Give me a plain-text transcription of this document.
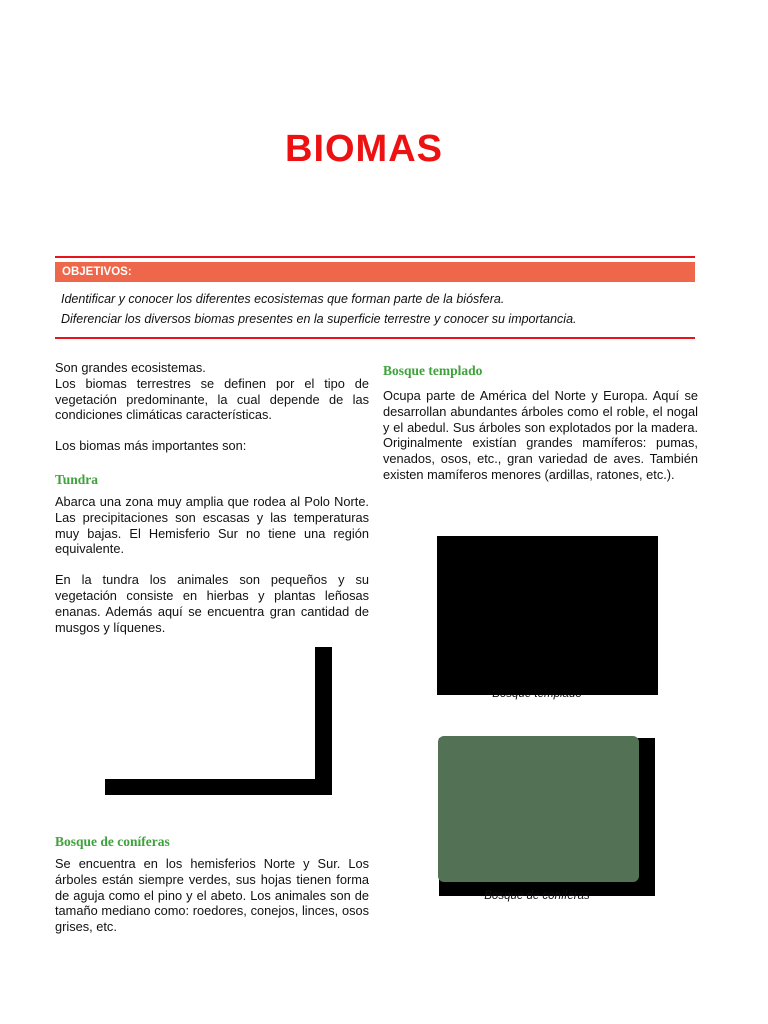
BIOMAS
OBJETIVOS:
Identificar y conocer los diferentes ecosistemas que forman parte de la biósfera.
Diferenciar los diversos biomas presentes en la superficie terrestre y conocer su importancia.

Son grandes ecosistemas.

Los biomas terrestres se definen por el tipo de vegetación predominante, la cual depende de las condiciones climáticas características.

Los biomas más importantes son:

Tundra

Abarca una zona muy amplia que rodea al Polo Norte. Las precipitaciones son escasas y las temperaturas muy bajas. El Hemisferio Sur no tiene una región equivalente.

En la tundra los animales son pequeños y su vegetación consiste en hierbas y plantas leñosas enanas. Además aquí se encuentra gran cantidad de musgos y líquenes.

Bosque de coníferas

Se encuentra en los hemisferios Norte y Sur. Los árboles están siempre verdes, sus hojas tienen forma de aguja como el pino y el abeto. Los animales son de tamaño mediano como: roedores, conejos, linces, osos grises, etc.

Bosque templado

Ocupa parte de América del Norte y Europa. Aquí se desarrollan abundantes árboles como el roble, el nogal y el abedul. Sus árboles son explotados por la madera. Originalmente existían grandes mamíferos: pumas, venados, osos, etc., gran variedad de aves. También existen mamíferos menores (ardillas, ratones, etc.).

Bosque de coníferas
